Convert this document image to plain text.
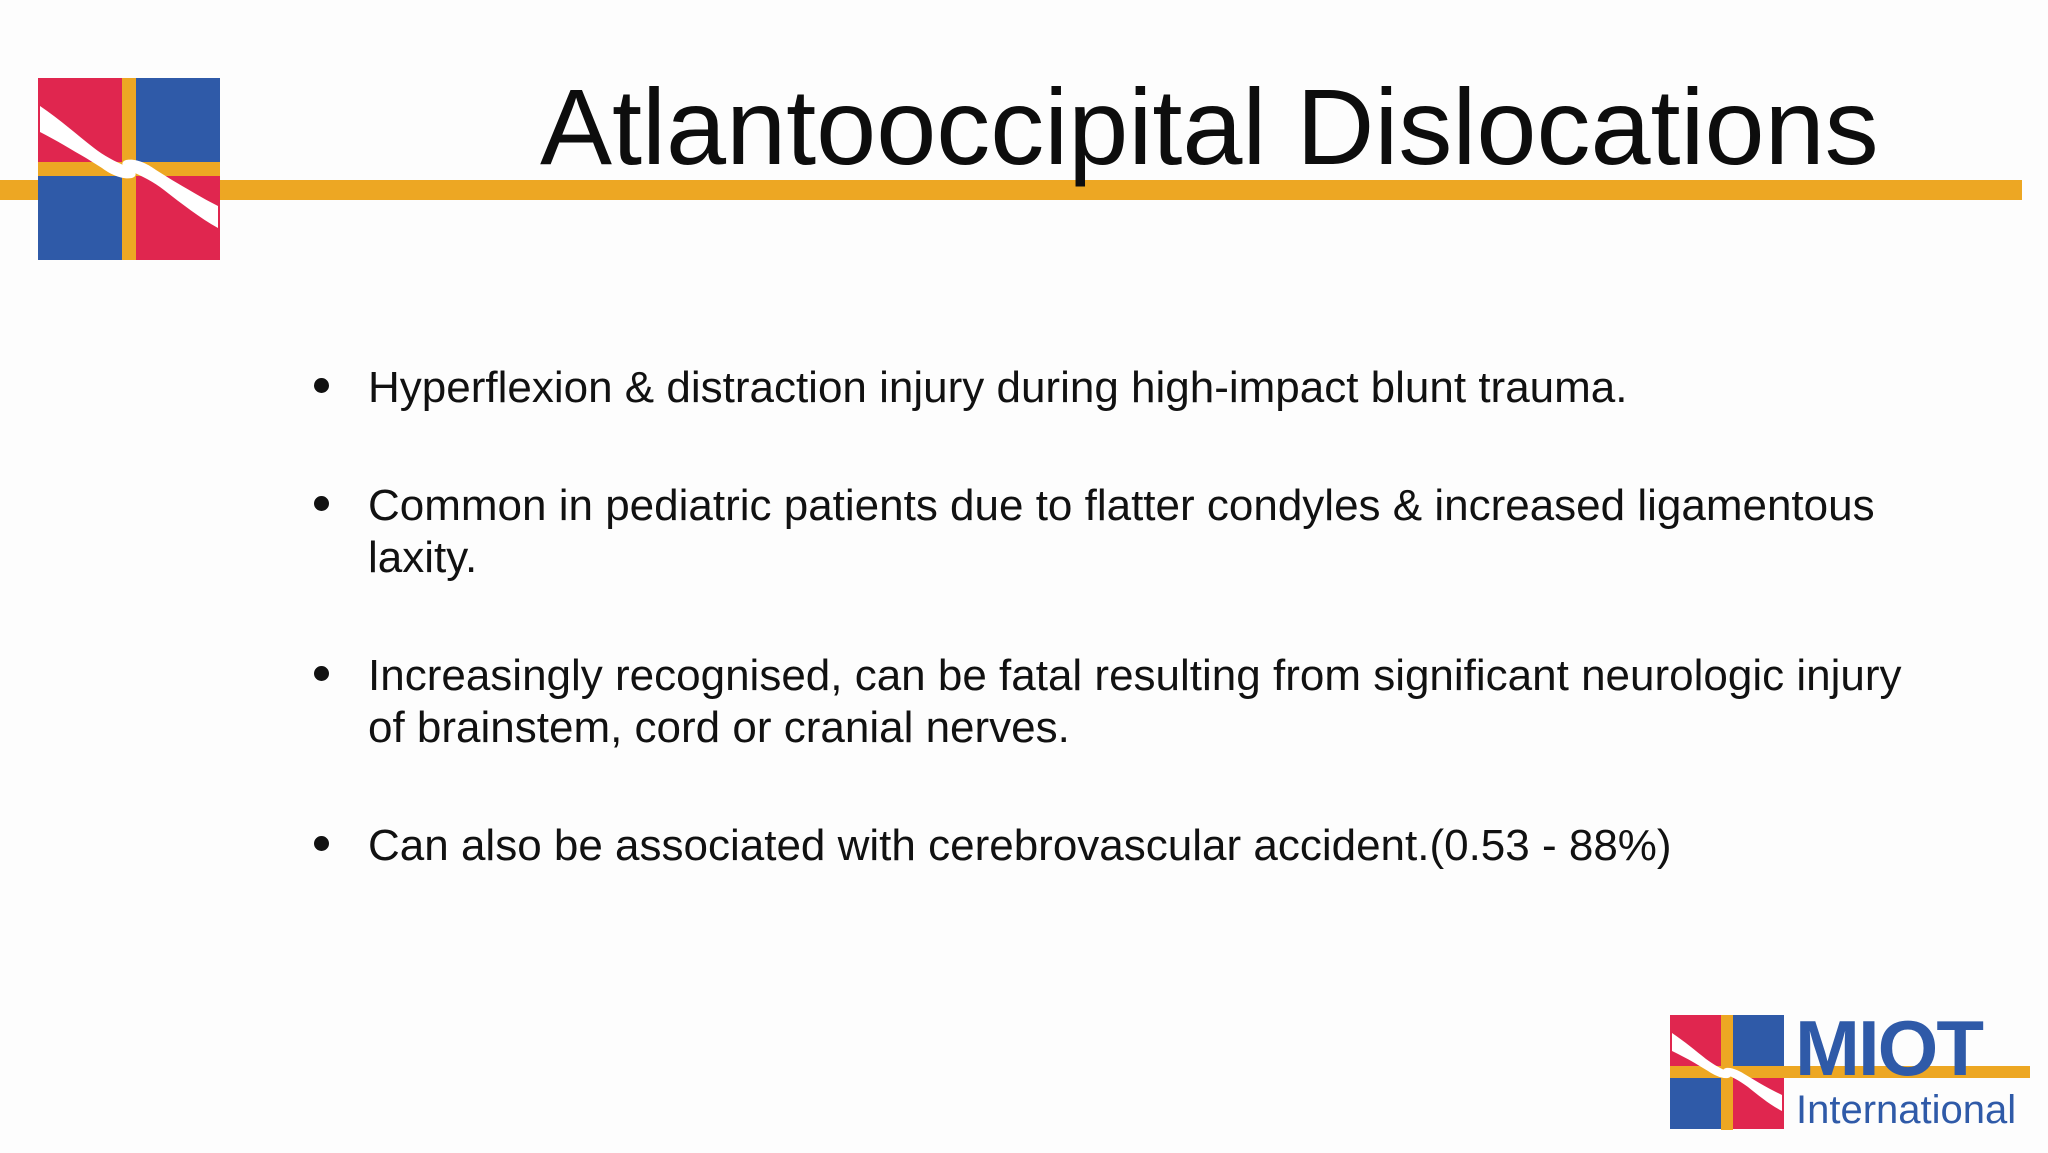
Atlantooccipital Dislocations
Hyperflexion & distraction injury during high-impact blunt trauma.
Common in pediatric patients due to flatter condyles & increased ligamentous laxity.
Increasingly recognised, can be fatal resulting from significant neurologic injury of brainstem, cord or cranial nerves.
Can also be associated with cerebrovascular accident.(0.53 - 88%)
MIOT
International
